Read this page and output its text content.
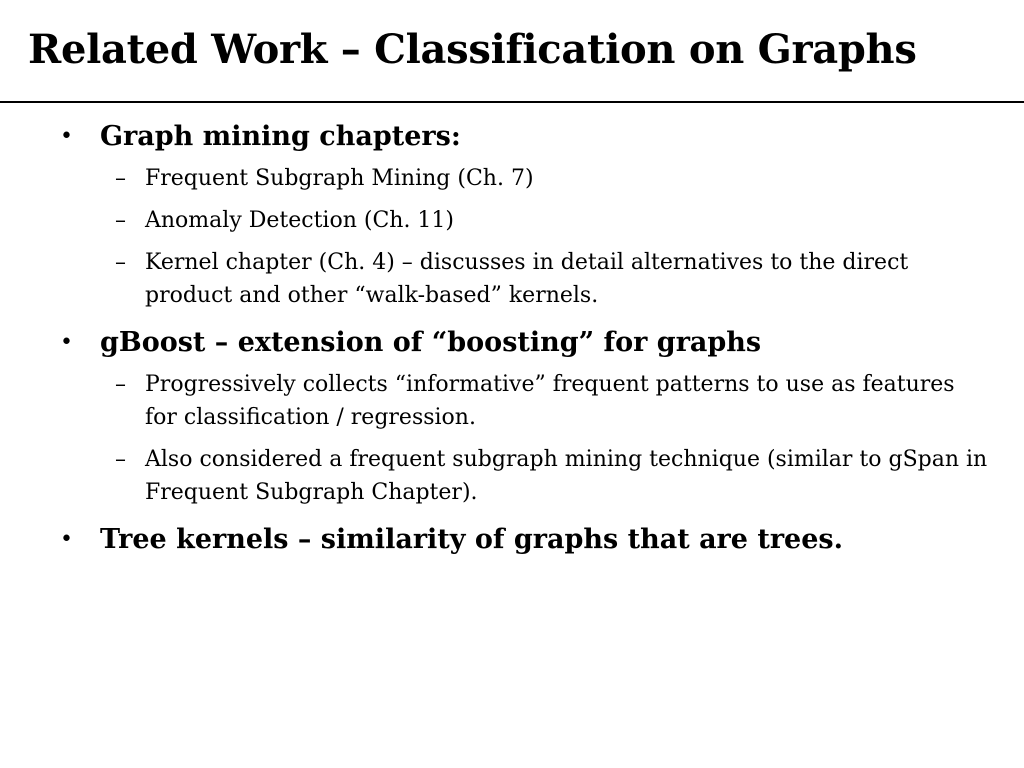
Related Work – Classification on Graphs
• Graph mining chapters:
– Frequent Subgraph Mining (Ch. 7)
– Anomaly Detection (Ch. 11)
– Kernel chapter (Ch. 4) – discusses in detail alternatives to the direct product and other “walk-based” kernels.
• gBoost – extension of “boosting” for graphs
– Progressively collects “informative” frequent patterns to use as features for classification / regression.
– Also considered a frequent subgraph mining technique (similar to gSpan in Frequent Subgraph Chapter).
• Tree kernels – similarity of graphs that are trees.
